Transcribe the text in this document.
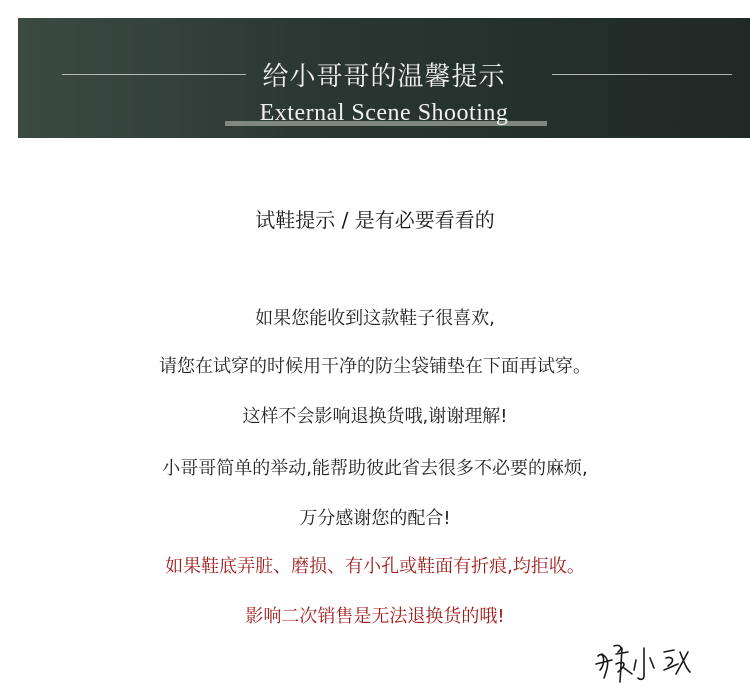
给小哥哥的温馨提示
External Scene Shooting
试鞋提示 / 是有必要看看的
如果您能收到这款鞋子很喜欢,
请您在试穿的时候用干净的防尘袋铺垫在下面再试穿。
这样不会影响退换货哦,谢谢理解!
小哥哥简单的举动,能帮助彼此省去很多不必要的麻烦,
万分感谢您的配合!
如果鞋底弄脏、磨损、有小孔或鞋面有折痕,均拒收。
影响二次销售是无法退换货的哦!
